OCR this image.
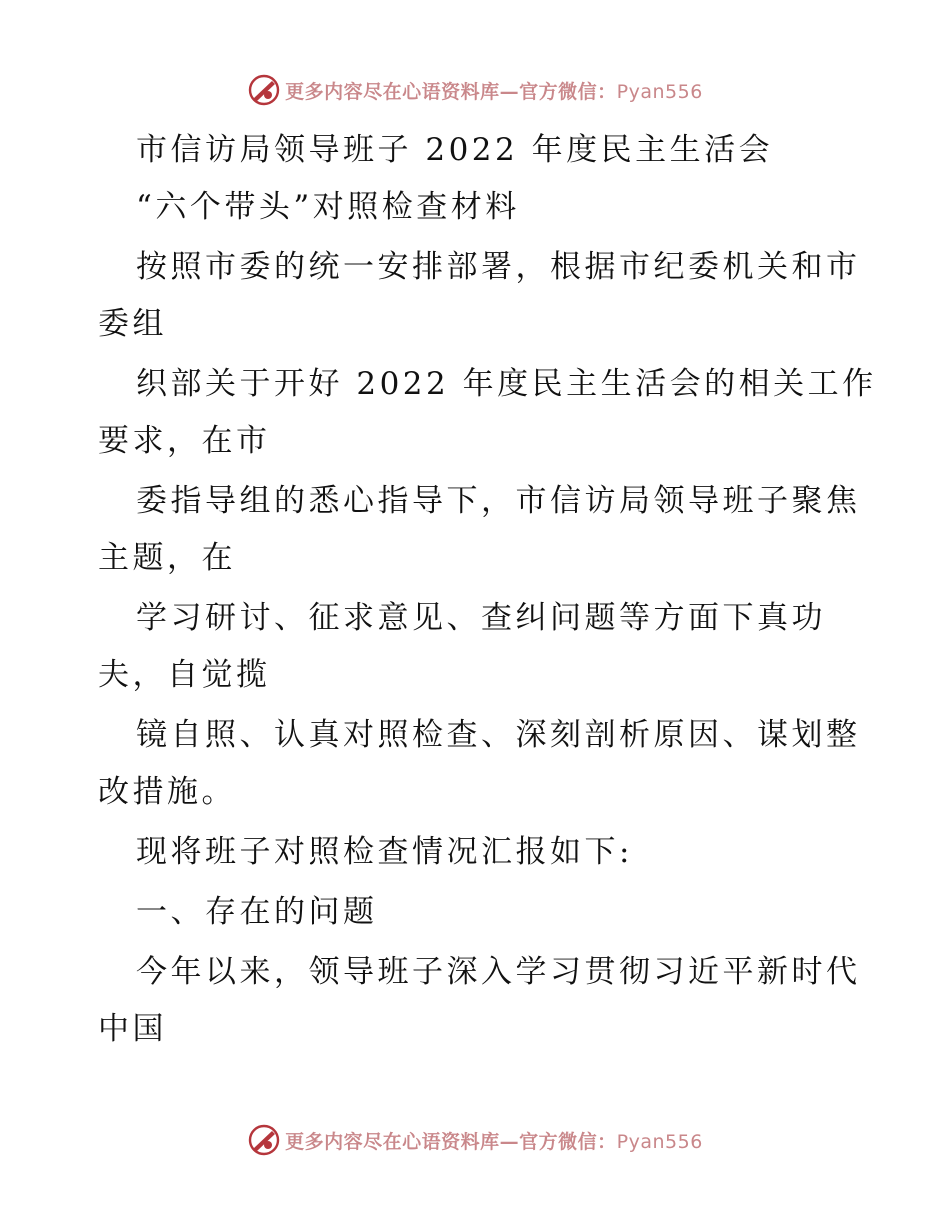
更多内容尽在心语资料库—官方微信：Pyan556

市信访局领导班子 2022 年度民主生活会

“六个带头”对照检查材料

按照市委的统一安排部署，根据市纪委机关和市

委组

织部关于开好 2022 年度民主生活会的相关工作

要求，在市

委指导组的悉心指导下，市信访局领导班子聚焦

主题，在

学习研讨、征求意见、查纠问题等方面下真功

夫，自觉揽

镜自照、认真对照检查、深刻剖析原因、谋划整

改措施。

现将班子对照检查情况汇报如下:

一、存在的问题

今年以来，领导班子深入学习贯彻习近平新时代

中国

更多内容尽在心语资料库—官方微信：Pyan556
